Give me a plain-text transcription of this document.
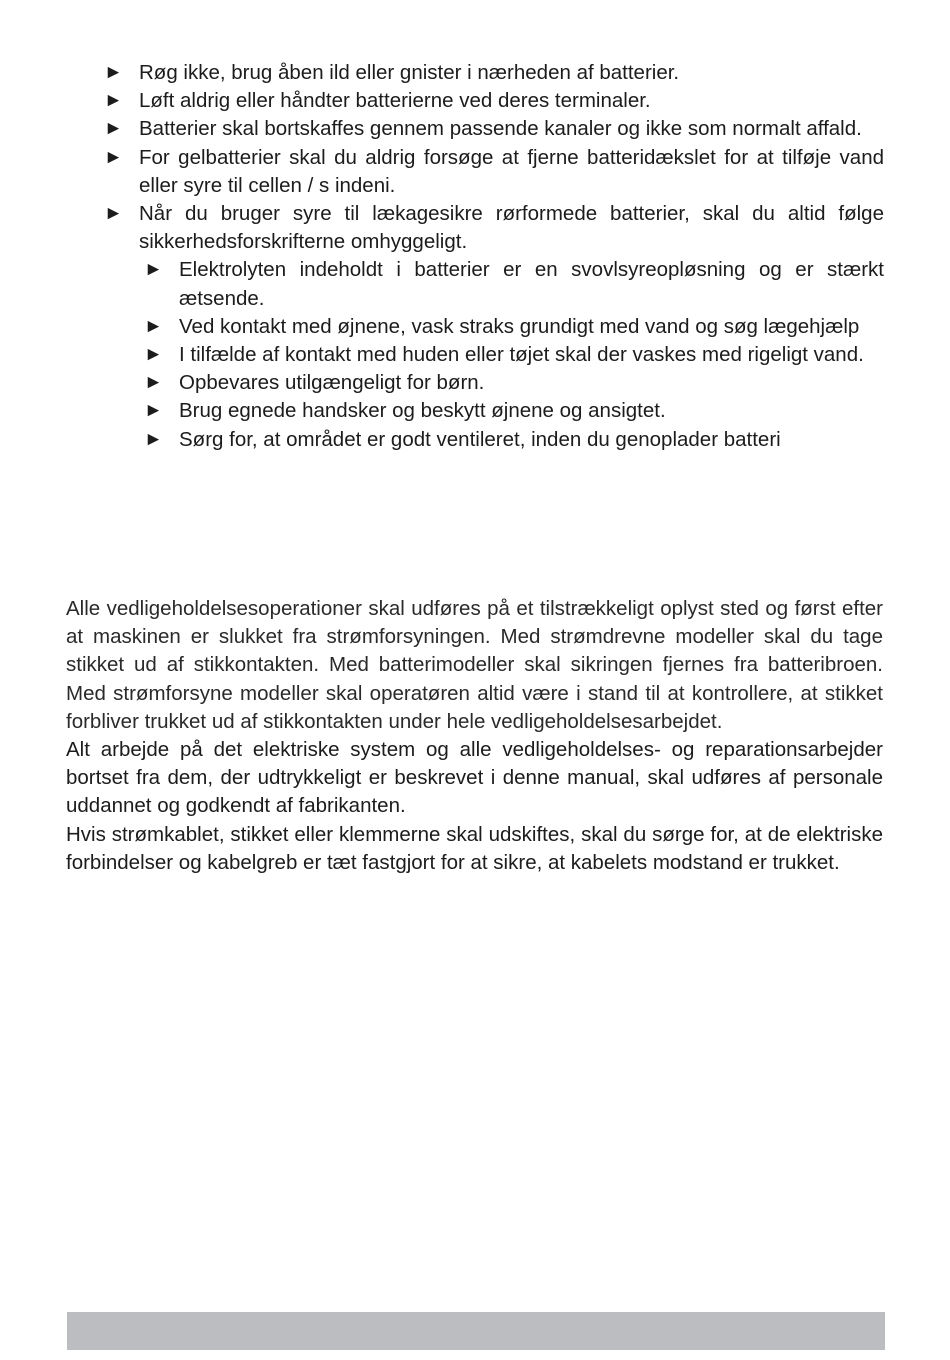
► Røg ikke, brug åben ild eller gnister i nærheden af batterier.
► Løft aldrig eller håndter batterierne ved deres terminaler.
► Batterier skal bortskaffes gennem passende kanaler og ikke som normalt affald.
► For gelbatterier skal du aldrig forsøge at fjerne batteridækslet for at tilføje vand eller syre til cellen / s indeni.
► Når du bruger syre til lækagesikre rørformede batterier, skal du altid følge sikkerhedsforskrifterne omhyggeligt.
► Elektrolyten indeholdt i batterier er en svovlsyreopløsning og er stærkt ætsende.
► Ved kontakt med øjnene, vask straks grundigt med vand og søg lægehjælp
► I tilfælde af kontakt med huden eller tøjet skal der vaskes med rigeligt vand.
► Opbevares utilgængeligt for børn.
► Brug egnede handsker og beskytt øjnene og ansigtet.
► Sørg for, at området er godt ventileret, inden du genoplader batteri

Alle vedligeholdelsesoperationer skal udføres på et tilstrækkeligt oplyst sted og først efter at maskinen er slukket fra strømforsyningen. Med strømdrevne modeller skal du tage stikket ud af stikkontakten. Med batterimodeller skal sikringen fjernes fra batteribroen. Med strømforsyne modeller skal operatøren altid være i stand til at kontrollere, at stikket forbliver trukket ud af stikkontakten under hele vedligeholdelsesarbejdet.

Alt arbejde på det elektriske system og alle vedligeholdelses- og reparationsarbejder bortset fra dem, der udtrykkeligt er beskrevet i denne manual, skal udføres af personale uddannet og godkendt af fabrikanten.

Hvis strømkablet, stikket eller klemmerne skal udskiftes, skal du sørge for, at de elektriske forbindelser og kabelgreb er tæt fastgjort for at sikre, at kabelets modstand er trukket.
